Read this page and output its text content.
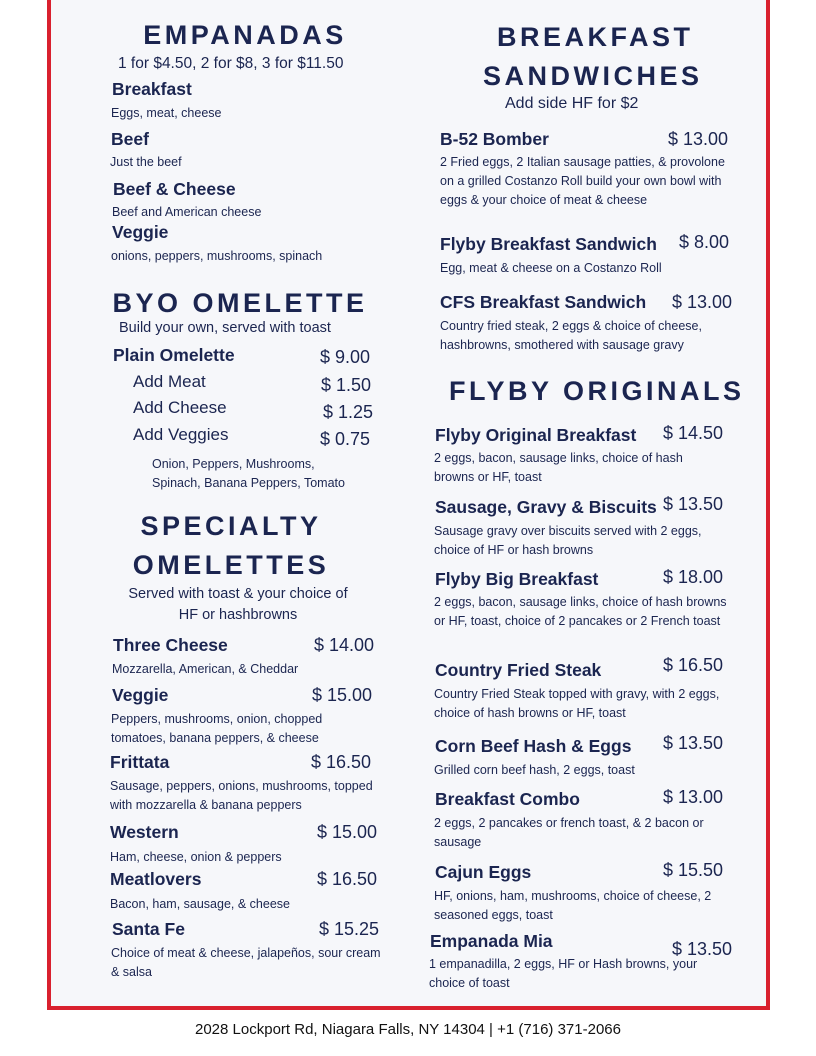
EMPANADAS
1 for $4.50, 2 for $8, 3 for $11.50
Breakfast
Eggs, meat, cheese
Beef
Just the beef
Beef & Cheese
Beef and American cheese
Veggie
onions, peppers, mushrooms, spinach
BYO OMELETTE
Build your own, served with toast
Plain Omelette	$ 9.00
Add Meat	$ 1.50
Add Cheese	$ 1.25
Add Veggies	$ 0.75
Onion, Peppers, Mushrooms,
Spinach, Banana Peppers, Tomato
SPECIALTY
OMELETTES
Served with toast & your choice of
HF or hashbrowns
Three Cheese	$ 14.00
Mozzarella, American, & Cheddar
Veggie	$ 15.00
Peppers, mushrooms, onion, chopped tomatoes, banana peppers, & cheese
Frittata	$ 16.50
Sausage, peppers, onions, mushrooms, topped with mozzarella & banana peppers
Western	$ 15.00
Ham, cheese, onion & peppers
Meatlovers	$ 16.50
Bacon, ham, sausage, & cheese
Santa Fe	$ 15.25
Choice of meat & cheese, jalapeños, sour cream & salsa
BREAKFAST
SANDWICHES
Add side HF for $2
B-52 Bomber	$ 13.00
2 Fried eggs, 2 Italian sausage patties, & provolone on a grilled Costanzo Roll build your own bowl with eggs & your choice of meat & cheese
Flyby Breakfast Sandwich $ 8.00
Egg, meat & cheese on a Costanzo Roll
CFS Breakfast Sandwich $ 13.00
Country fried steak, 2 eggs & choice of cheese, hashbrowns, smothered with sausage gravy
FLYBY ORIGINALS
Flyby Original Breakfast $ 14.50
2 eggs, bacon, sausage links, choice of hash browns or HF, toast
Sausage, Gravy & Biscuits $ 13.50
Sausage gravy over biscuits served with 2 eggs, choice of HF or hash browns
Flyby Big Breakfast	$ 18.00
2 eggs, bacon, sausage links, choice of hash browns or HF, toast, choice of 2 pancakes or 2 French toast
Country Fried Steak	$ 16.50
Country Fried Steak topped with gravy, with 2 eggs, choice of hash browns or HF, toast
Corn Beef Hash & Eggs $ 13.50
Grilled corn beef hash, 2 eggs, toast
Breakfast Combo	$ 13.00
2 eggs, 2 pancakes or french toast, & 2 bacon or sausage
Cajun Eggs	$ 15.50
HF, onions, ham, mushrooms, choice of cheese, 2 seasoned eggs, toast
Empanada Mia	$ 13.50
1 empanadilla, 2 eggs, HF or Hash browns, your choice of toast
2028 Lockport Rd, Niagara Falls, NY 14304 | +1 (716) 371-2066
